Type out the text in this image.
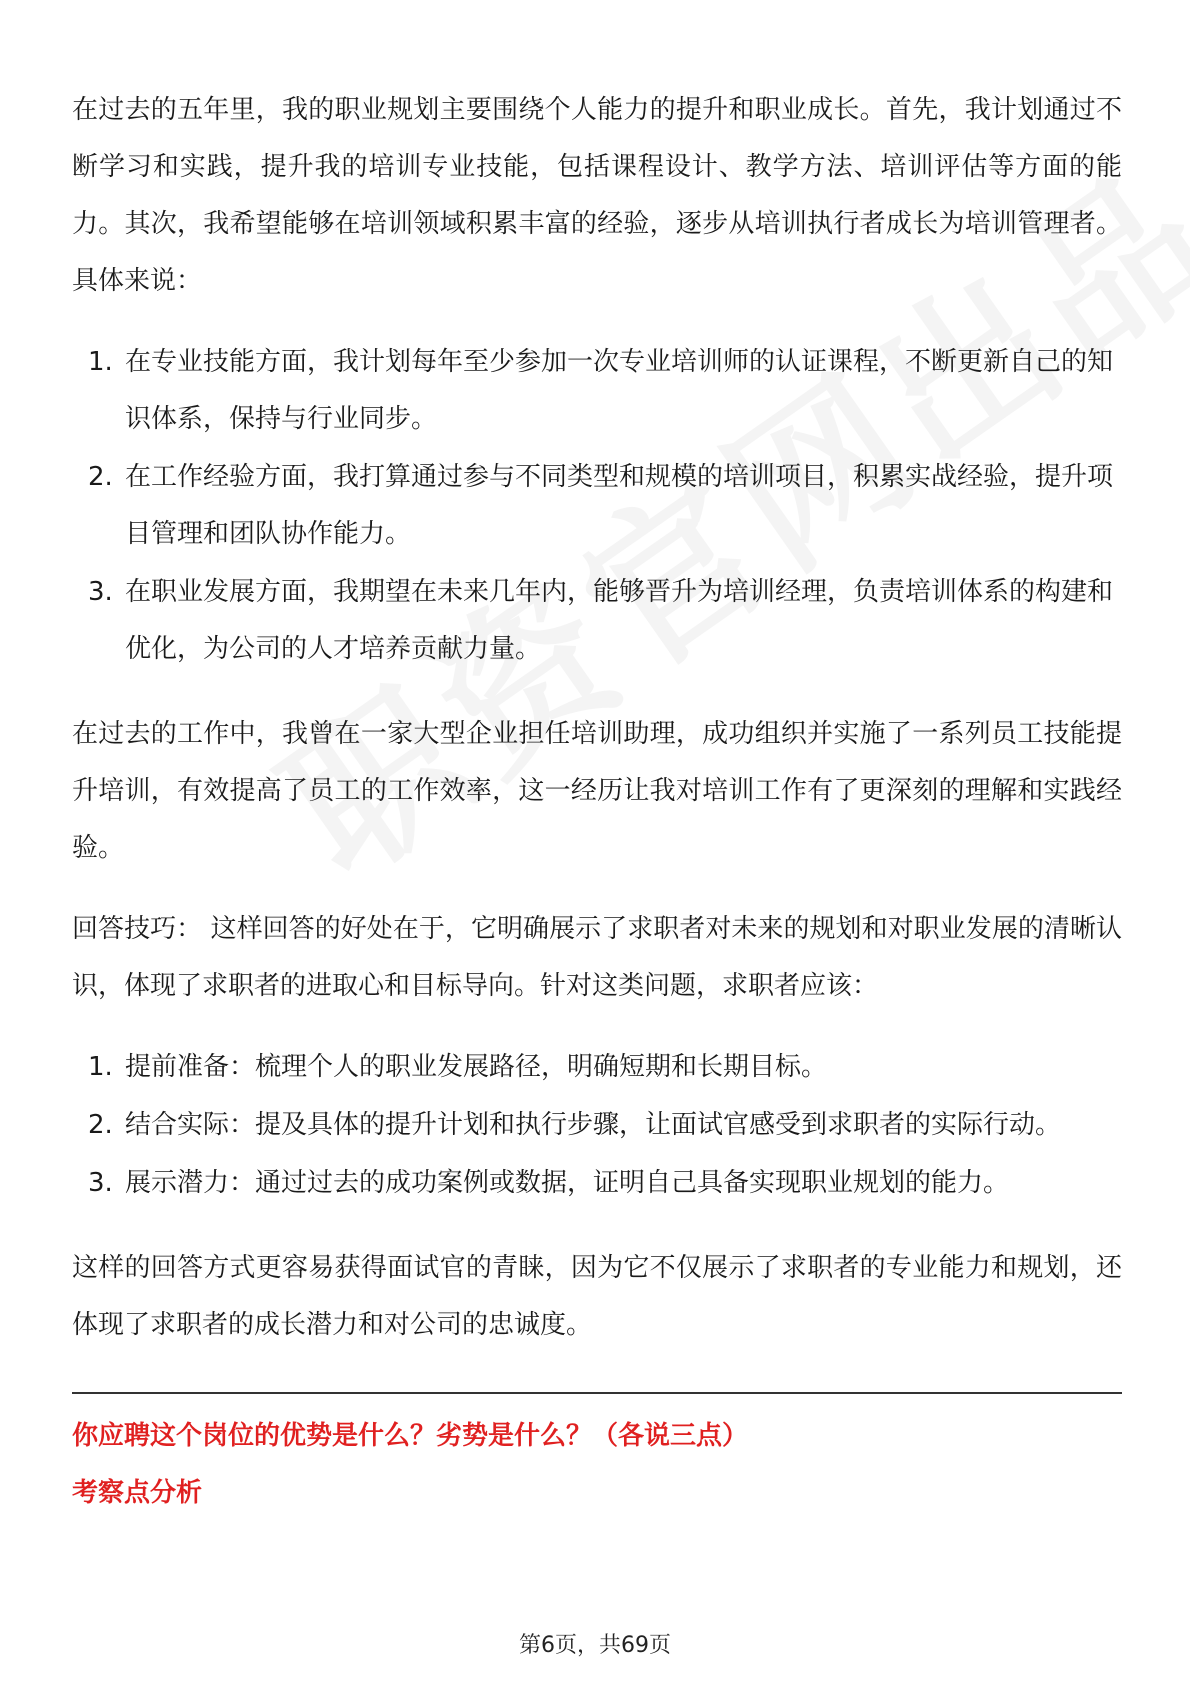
在过去的五年里，我的职业规划主要围绕个人能力的提升和职业成长。首先，我计划通过不断学习和实践，提升我的培训专业技能，包括课程设计、教学方法、培训评估等方面的能力。其次，我希望能够在培训领域积累丰富的经验，逐步从培训执行者成长为培训管理者。具体来说：

1. 在专业技能方面，我计划每年至少参加一次专业培训师的认证课程，不断更新自己的知识体系，保持与行业同步。
2. 在工作经验方面，我打算通过参与不同类型和规模的培训项目，积累实战经验，提升项目管理和团队协作能力。
3. 在职业发展方面，我期望在未来几年内，能够晋升为培训经理，负责培训体系的构建和优化，为公司的人才培养贡献力量。

在过去的工作中，我曾在一家大型企业担任培训助理，成功组织并实施了一系列员工技能提升培训，有效提高了员工的工作效率，这一经历让我对培训工作有了更深刻的理解和实践经验。

回答技巧： 这样回答的好处在于，它明确展示了求职者对未来的规划和对职业发展的清晰认识，体现了求职者的进取心和目标导向。针对这类问题，求职者应该：

1. 提前准备：梳理个人的职业发展路径，明确短期和长期目标。
2. 结合实际：提及具体的提升计划和执行步骤，让面试官感受到求职者的实际行动。
3. 展示潜力：通过过去的成功案例或数据，证明自己具备实现职业规划的能力。

这样的回答方式更容易获得面试官的青睐，因为它不仅展示了求职者的专业能力和规划，还体现了求职者的成长潜力和对公司的忠诚度。

你应聘这个岗位的优势是什么？劣势是什么？（各说三点）

考察点分析

第6页，共69页
